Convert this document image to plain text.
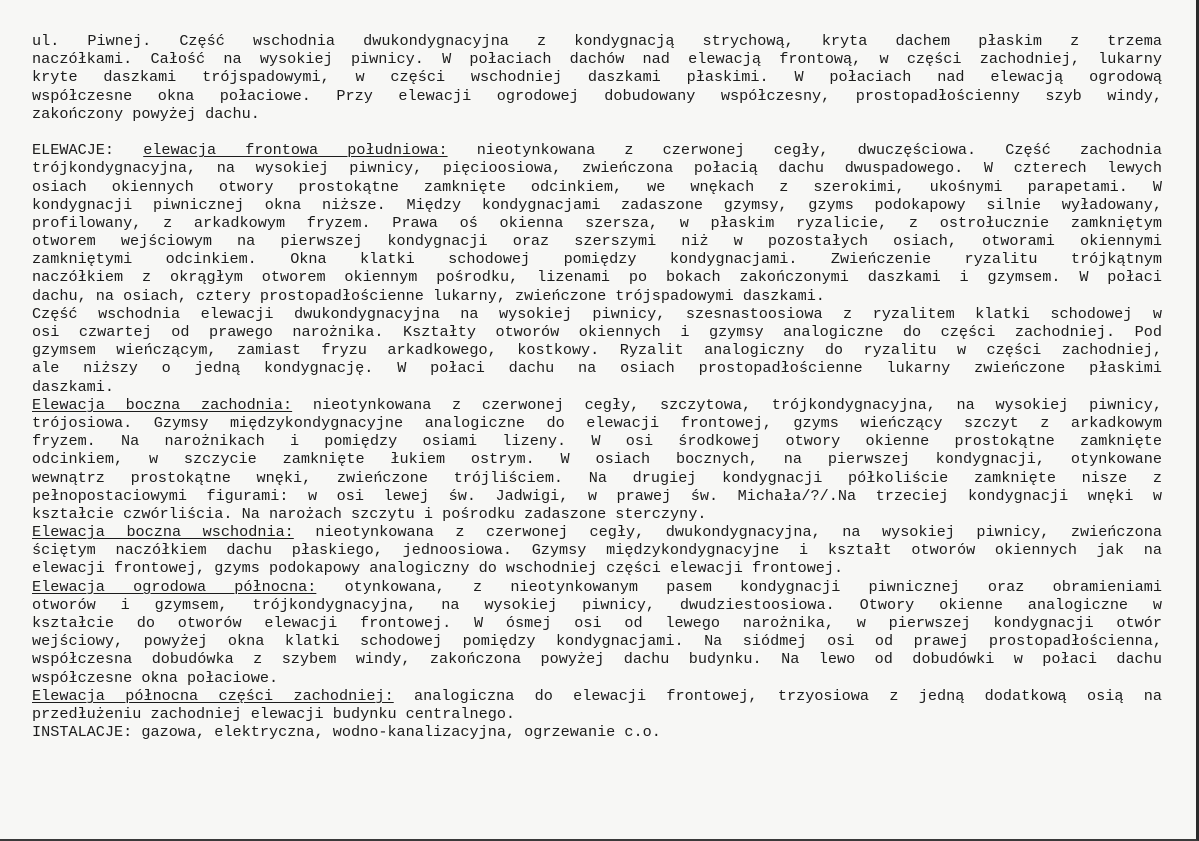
ul. Piwnej. Część wschodnia dwukondygnacyjna z kondygnacją strychową, kryta dachem płaskim z trzema
naczółkami. Całość na wysokiej piwnicy. W połaciach dachów nad elewacją frontową, w części zachodniej, lukarny
kryte daszkami trójspadowymi, w części wschodniej daszkami płaskimi. W połaciach nad elewacją ogrodową
współczesne okna połaciowe. Przy elewacji ogrodowej dobudowany współczesny, prostopadłościenny szyb windy,
zakończony powyżej dachu.
ELEWACJE: elewacja frontowa południowa: nieotynkowana z czerwonej cegły, dwuczęściowa. Część zachodnia
trójkondygnacyjna, na wysokiej piwnicy, pięcioosiowa, zwieńczona połacią dachu dwuspadowego. W czterech lewych
osiach okiennych otwory prostokątne zamknięte odcinkiem, we wnękach z szerokimi, ukośnymi parapetami. W
kondygnacji piwnicznej okna niższe. Między kondygnacjami zadaszone gzymsy, gzyms podokapowy silnie wyładowany,
profilowany, z arkadkowym fryzem. Prawa oś okienna szersza, w płaskim ryzalicie, z ostrołucznie zamkniętym
otworem wejściowym na pierwszej kondygnacji oraz szerszymi niż w pozostałych osiach, otworami okiennymi
zamkniętymi odcinkiem. Okna klatki schodowej pomiędzy kondygnacjami. Zwieńczenie ryzalitu trójkątnym
naczółkiem z okrągłym otworem okiennym pośrodku, lizenami po bokach zakończonymi daszkami i gzymsem. W połaci
dachu, na osiach, cztery prostopadłościenne lukarny, zwieńczone trójspadowymi daszkami.
Część wschodnia elewacji dwukondygnacyjna na wysokiej piwnicy, szesnastoosiowa z ryzalitem klatki schodowej w
osi czwartej od prawego narożnika. Kształty otworów okiennych i gzymsy analogiczne do części zachodniej. Pod
gzymsem wieńczącym, zamiast fryzu arkadkowego, kostkowy. Ryzalit analogiczny do ryzalitu w części zachodniej,
ale niższy o jedną kondygnację. W połaci dachu na osiach prostopadłościenne lukarny zwieńczone płaskimi
daszkami.
Elewacja boczna zachodnia: nieotynkowana z czerwonej cegły, szczytowa, trójkondygnacyjna, na wysokiej piwnicy,
trójosiowa. Gzymsy międzykondygnacyjne analogiczne do elewacji frontowej, gzyms wieńczący szczyt z arkadkowym
fryzem. Na narożnikach i pomiędzy osiami lizeny. W osi środkowej otwory okienne prostokątne zamknięte
odcinkiem, w szczycie zamknięte łukiem ostrym. W osiach bocznych, na pierwszej kondygnacji, otynkowane
wewnątrz prostokątne wnęki, zwieńczone trójliściem. Na drugiej kondygnacji półkoliście zamknięte nisze z
pełnopostaciowymi figurami: w osi lewej św. Jadwigi, w prawej św. Michała/?/.Na trzeciej kondygnacji wnęki w
kształcie czwórliścia. Na narożach szczytu i pośrodku zadaszone sterczyny.
Elewacja boczna wschodnia: nieotynkowana z czerwonej cegły, dwukondygnacyjna, na wysokiej piwnicy, zwieńczona
ściętym naczółkiem dachu płaskiego, jednoosiowa. Gzymsy międzykondygnacyjne i kształt otworów okiennych jak na
elewacji frontowej, gzyms podokapowy analogiczny do wschodniej części elewacji frontowej.
Elewacja ogrodowa północna: otynkowana, z nieotynkowanym pasem kondygnacji piwnicznej oraz obramieniami
otworów i gzymsem, trójkondygnacyjna, na wysokiej piwnicy, dwudziestoosiowa. Otwory okienne analogiczne w
kształcie do otworów elewacji frontowej. W ósmej osi od lewego narożnika, w pierwszej kondygnacji otwór
wejściowy, powyżej okna klatki schodowej pomiędzy kondygnacjami. Na siódmej osi od prawej prostopadłościenna,
współczesna dobudówka z szybem windy, zakończona powyżej dachu budynku. Na lewo od dobudówki w połaci dachu
współczesne okna połaciowe.
Elewacja północna części zachodniej: analogiczna do elewacji frontowej, trzyosiowa z jedną dodatkową osią na
przedłużeniu zachodniej elewacji budynku centralnego.
INSTALACJE: gazowa, elektryczna, wodno-kanalizacyjna, ogrzewanie c.o.
